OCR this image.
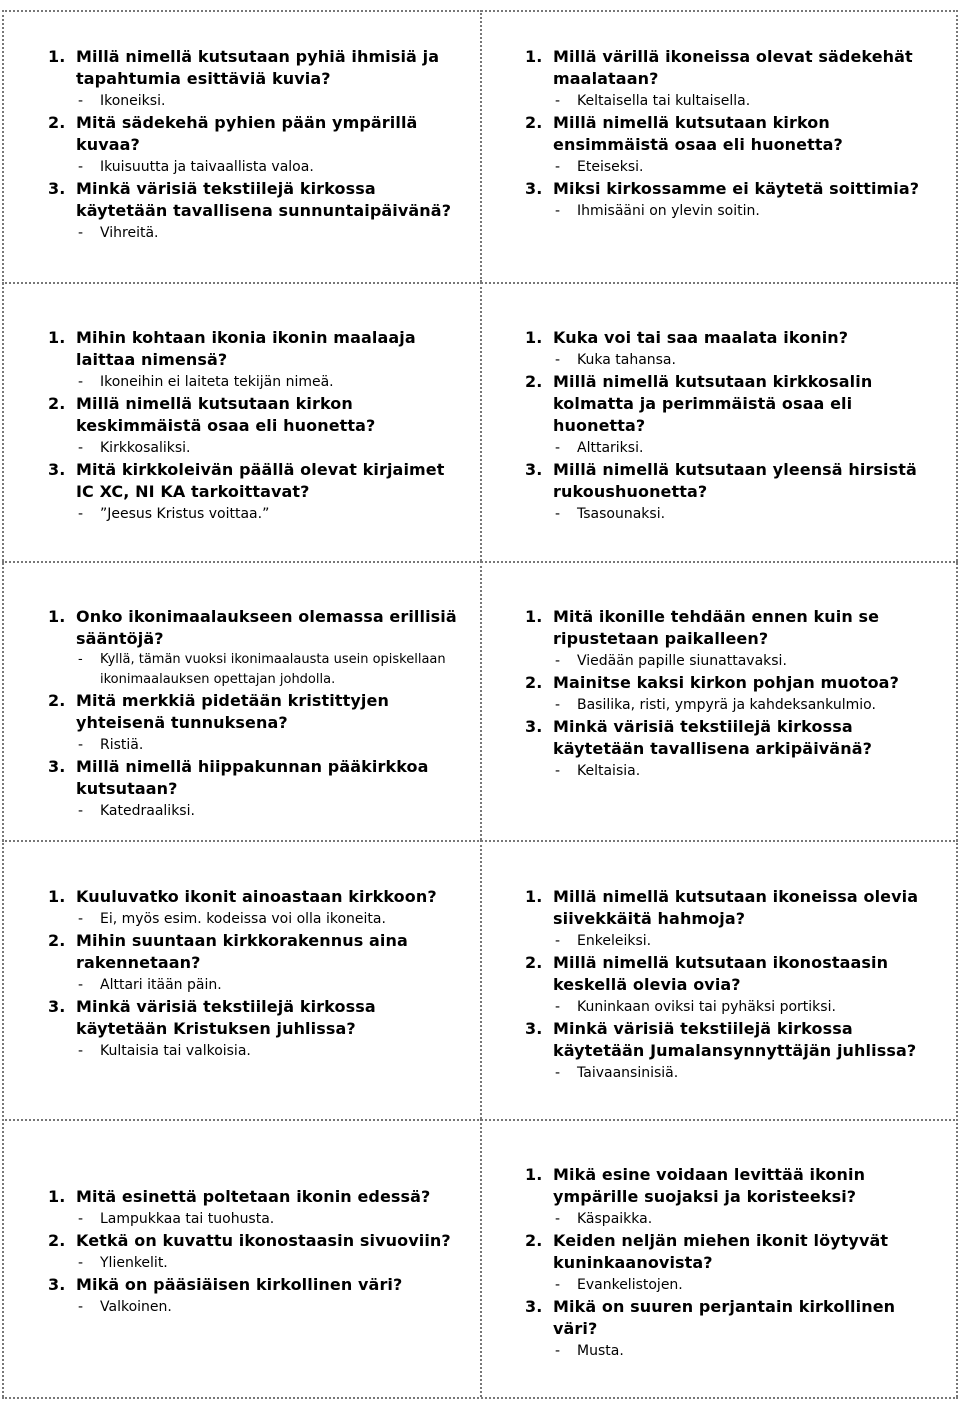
1. Millä nimellä kutsutaan pyhiä ihmisiä ja tapahtumia esittäviä kuvia?
-	Ikoneiksi.
2. Mitä sädekehä pyhien pään ympärillä kuvaa?
-	Ikuisuutta ja taivaallista valoa.
3. Minkä värisiä tekstiilejä kirkossa käytetään tavallisena sunnuntaipäivänä?
-	Vihreitä.
1. Millä värillä ikoneissa olevat sädekehät maalataan?
-	Keltaisella tai kultaisella.
2. Millä nimellä kutsutaan kirkon ensimmäistä osaa eli huonetta?
-	Eteiseksi.
3. Miksi kirkossamme ei käytetä soittimia?
-	Ihmisääni on ylevin soitin.
1. Mihin kohtaan ikonia ikonin maalaaja laittaa nimensä?
-	Ikoneihin ei laiteta tekijän nimeä.
2. Millä nimellä kutsutaan kirkon keskimmäistä osaa eli huonetta?
-	Kirkkosaliksi.
3. Mitä kirkkoleivän päällä olevat kirjaimet IC XC, NI KA tarkoittavat?
-	”Jeesus Kristus voittaa.”
1. Kuka voi tai saa maalata ikonin?
-	Kuka tahansa.
2. Millä nimellä kutsutaan kirkkosalin kolmatta ja perimmäistä osaa eli huonetta?
-	Alttariksi.
3. Millä nimellä kutsutaan yleensä hirsistä rukoushuonetta?
-	Tsasounaksi.
1. Onko ikonimaalaukseen olemassa erillisiä sääntöjä?
-	Kyllä, tämän vuoksi ikonimaalausta usein opiskellaan ikonimaalauksen opettajan johdolla.
2. Mitä merkkiä pidetään kristittyjen yhteisenä tunnuksena?
-	Ristiä.
3. Millä nimellä hiippakunnan pääkirkkoa kutsutaan?
-	Katedraaliksi.
1. Mitä ikonille tehdään ennen kuin se ripustetaan paikalleen?
-	Viedään papille siunattavaksi.
2. Mainitse kaksi kirkon pohjan muotoa?
-	Basilika, risti, ympyrä ja kahdeksankulmio.
3. Minkä värisiä tekstiilejä kirkossa käytetään tavallisena arkipäivänä?
-	Keltaisia.
1. Kuuluvatko ikonit ainoastaan kirkkoon?
-	Ei, myös esim. kodeissa voi olla ikoneita.
2. Mihin suuntaan kirkkorakennus aina rakennetaan?
-	Alttari itään päin.
3. Minkä värisiä tekstiilejä kirkossa käytetään Kristuksen juhlissa?
-	Kultaisia tai valkoisia.
1. Millä nimellä kutsutaan ikoneissa olevia siivekkäitä hahmoja?
-	Enkeleiksi.
2. Millä nimellä kutsutaan ikonostaasin keskellä olevia ovia?
-	Kuninkaan oviksi tai pyhäksi portiksi.
3. Minkä värisiä tekstiilejä kirkossa käytetään Jumalansynnyttäjän juhlissa?
-	Taivaansinisiä.
1. Mitä esinettä poltetaan ikonin edessä?
-	Lampukkaa tai tuohusta.
2. Ketkä on kuvattu ikonostaasin sivuoviin?
-	Ylienkelit.
3. Mikä on pääsiäisen kirkollinen väri?
-	Valkoinen.
1. Mikä esine voidaan levittää ikonin ympärille suojaksi ja koristeeksi?
-	Käspaikka.
2. Keiden neljän miehen ikonit löytyvät kuninkaanovista?
-	Evankelistojen.
3. Mikä on suuren perjantain kirkollinen väri?
-	Musta.
